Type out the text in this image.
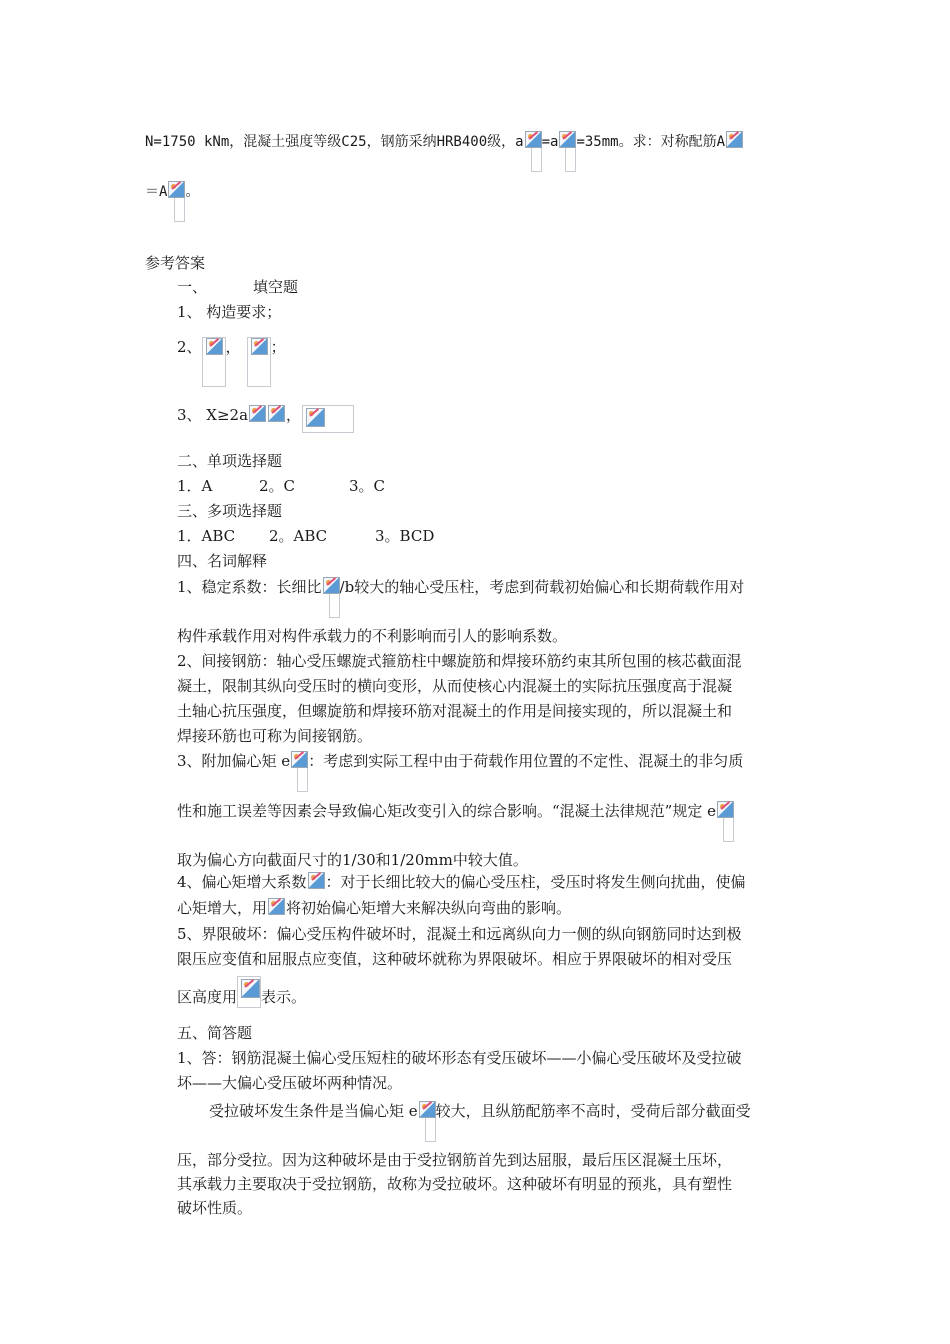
N=1750 kNm，混凝土强度等级C25，钢筋采纳HRB400级，a =a =35mm。求：对称配筋A
＝A 。
参考答案
一、	填空题
1、 构造要求；
2、 ， ；
3、 X≥2a	，
二、单项选择题
1．A	2。C	3。C
三、多项选择题
1．ABC 2。ABC	3。BCD
四、名词解释
1、稳定系数：长细比 /b较大的轴心受压柱，考虑到荷载初始偏心和长期荷载作用对
构件承载作用对构件承载力的不利影响而引人的影响系数。
2、间接钢筋：轴心受压螺旋式箍筋柱中螺旋筋和焊接环筋约束其所包围的核芯截面混
凝土，限制其纵向受压时的横向变形，从而使核心内混凝土的实际抗压强度高于混凝
土轴心抗压强度，但螺旋筋和焊接环筋对混凝土的作用是间接实现的，所以混凝土和
焊接环筋也可称为间接钢筋。
3、附加偏心矩 e ：考虑到实际工程中由于荷载作用位置的不定性、混凝土的非匀质
性和施工误差等因素会导致偏心矩改变引入的综合影响。“混凝土法律规范”规定 e
取为偏心方向截面尺寸的1/30和1/20mm中较大值。
4、偏心矩增大系数 ：对于长细比较大的偏心受压柱，受压时将发生侧向扰曲，使偏
心矩增大，用 将初始偏心矩增大来解决纵向弯曲的影响。
5、界限破坏：偏心受压构件破坏时，混凝土和远离纵向力一侧的纵向钢筋同时达到极
限压应变值和屈服点应变值，这种破坏就称为界限破坏。相应于界限破坏的相对受压
区高度用 表示。
五、简答题
1、答：钢筋混凝土偏心受压短柱的破坏形态有受压破坏——小偏心受压破坏及受拉破
坏——大偏心受压破坏两种情况。
受拉破坏发生条件是当偏心矩 e 较大，且纵筋配筋率不高时，受荷后部分截面受
压，部分受拉。因为这种破坏是由于受拉钢筋首先到达屈服，最后压区混凝土压坏，
其承载力主要取决于受拉钢筋，故称为受拉破坏。这种破坏有明显的预兆，具有塑性
破坏性质。
